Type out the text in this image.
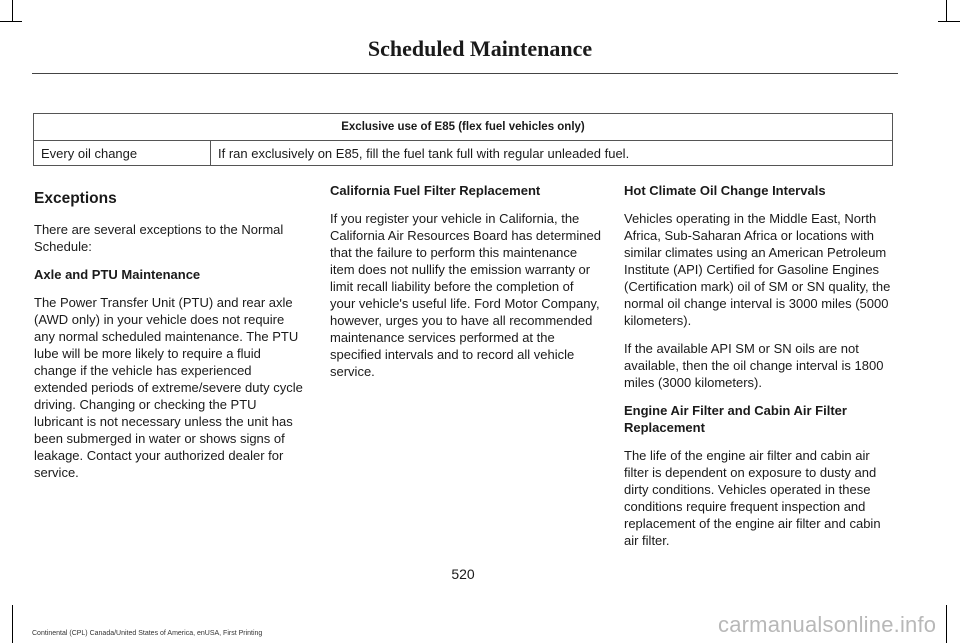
Scheduled Maintenance
Exclusive use of E85 (flex fuel vehicles only)
Every oil change	If ran exclusively on E85, fill the fuel tank full with regular unleaded fuel.
Exceptions

There are several exceptions to the Normal Schedule:

Axle and PTU Maintenance

The Power Transfer Unit (PTU) and rear axle (AWD only) in your vehicle does not require any normal scheduled maintenance. The PTU lube will be more likely to require a fluid change if the vehicle has experienced extended periods of extreme/severe duty cycle driving. Changing or checking the PTU lubricant is not necessary unless the unit has been submerged in water or shows signs of leakage. Contact your authorized dealer for service.

California Fuel Filter Replacement

If you register your vehicle in California, the California Air Resources Board has determined that the failure to perform this maintenance item does not nullify the emission warranty or limit recall liability before the completion of your vehicle's useful life. Ford Motor Company, however, urges you to have all recommended maintenance services performed at the specified intervals and to record all vehicle service.

Hot Climate Oil Change Intervals

Vehicles operating in the Middle East, North Africa, Sub-Saharan Africa or locations with similar climates using an American Petroleum Institute (API) Certified for Gasoline Engines (Certification mark) oil of SM or SN quality, the normal oil change interval is 3000 miles (5000 kilometers).

If the available API SM or SN oils are not available, then the oil change interval is 1800 miles (3000 kilometers).

Engine Air Filter and Cabin Air Filter Replacement

The life of the engine air filter and cabin air filter is dependent on exposure to dusty and dirty conditions. Vehicles operated in these conditions require frequent inspection and replacement of the engine air filter and cabin air filter.

520
Continental (CPL) Canada/United States of America, enUSA, First Printing	carmanualsonline.info
